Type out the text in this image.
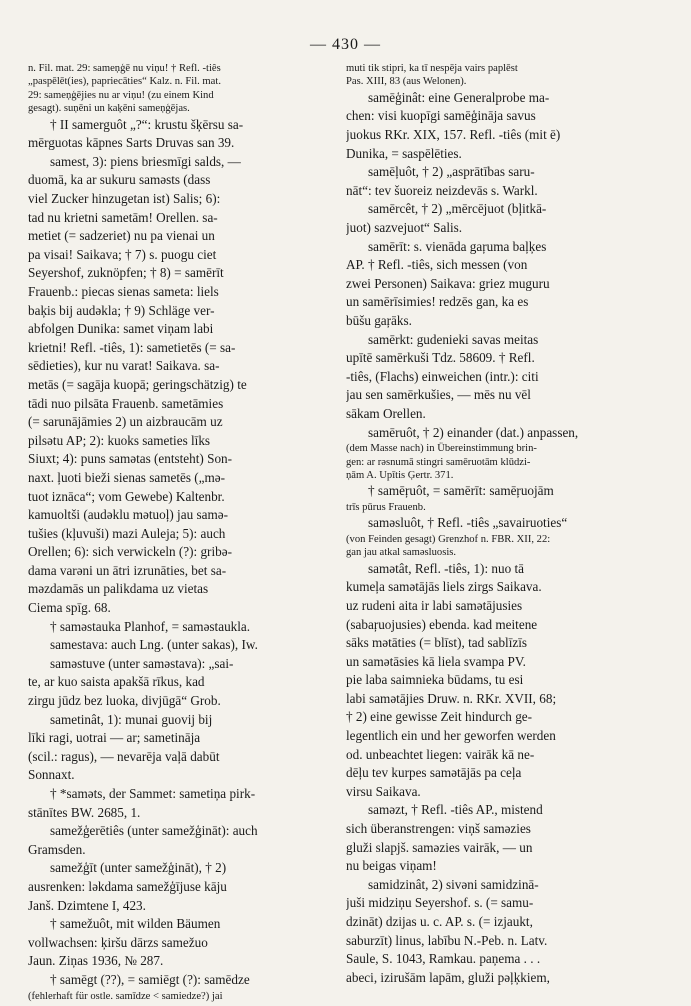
— 430 —
n. Fil. mat. 29: sameņģē nu viņu! † Refl. -tiês
„paspēlēt(ies), papriecāties“ Kalz. n. Fil. mat.
29: sameņģējies nu ar viņu! (zu einem Kind
gesagt). suņēni un kaķēni sameņģējas.
† II samerguôt „?“: krustu šķērsu sa-
mērguotas kāpnes Sarts Druvas san 39.
samest, 3): piens briesmīgi salds, —
duomā, ka ar sukuru saməsts (dass
viel Zucker hinzugetan ist) Salis; 6):
tad nu krietni sametām! Orellen. sa-
metiet (= sadzeriet) nu pa vienai un
pa visai! Saikava; † 7) s. puogu ciet
Seyershof, zuknöpfen; † 8) = samērīt
Frauenb.: piecas sienas sameta: liels
baķis bij audəkla; † 9) Schläge ver-
abfolgen Dunika: samet viņam labi
krietni! Refl. -tiês, 1): sametietēs (= sa-
sēdieties), kur nu varat! Saikava. sa-
metās (= sagāja kuopā; geringschätzig) te
tādi nuo pilsāta Frauenb. sametāmies
(= sarunājāmies 2) un aizbraucām uz
pilsətu AP; 2): kuoks sameties līks
Siuxt; 4): puns samətas (entsteht) Son-
naxt. ļuoti bieži sienas sametēs („mə-
tuot iznāca“; vom Gewebe) Kaltenbr.
kamuoltši (audəklu mətuoļ) jau samə-
tušies (kļuvuši) mazi Auleja; 5): auch
Orellen; 6): sich verwickeln (?): gribə-
dama varəni un ātri izrunāties, bet sa-
məzdamās un palikdama uz vietas
Ciema spīg. 68.
† saməstauka Planhof, = saməstaukla.
samestava: auch Lng. (unter sakas), Iw.
saməstuve (unter saməstava): „sai-
te, ar kuo saista apakšā rīkus, kad
zirgu jūdz bez luoka, divjūgā“ Grob.
sametinât, 1): munai guovij bij
līki ragi, uotrai — ar; sametināja
(scil.: ragus), — nevarēja vaļā dabūt
Sonnaxt.
† *saməts, der Sammet: sametiņa pirk-
stānītes BW. 2685, 1.
samežģerētiês (unter samežģināt): auch
Gramsden.
samežģīt (unter samežģināt), † 2)
ausrenken: ləkdama samežģījuse kāju
Janš. Dzimtene I, 423.
† samežuôt, mit wilden Bäumen
vollwachsen: ķiršu dārzs samežuo
Jaun. Ziņas 1936, № 287.
† samēgt (??), = samiēgt (?): samēdze
(fehlerhaft für ostle. samīdze < samiedze?) jai
muti tik stipri, ka tī nespēja vairs paplēst
Pas. XIII, 83 (aus Welonen).
samēģinât: eine Generalprobe ma-
chen: visi kuopīgi samēģināja savus
juokus RKr. XIX, 157. Refl. -tiês (mit ē)
Dunika, = saspēlēties.
samēļuôt, † 2) „asprātības saru-
nāt“: tev šuoreiz neizdevās s. Warkl.
samērcêt, † 2) „mērcējuot (bļitkā-
juot) sazvejuot“ Salis.
samērīt: s. vienāda gaŗuma baļķes
AP. † Refl. -tiês, sich messen (von
zwei Personen) Saikava: griez muguru
un samērīsimies! redzēs gan, ka es
būšu gaŗāks.
samērkt: gudenieki savas meitas
upītē samērkuši Tdz. 58609. † Refl.
-tiês, (Flachs) einweichen (intr.): citi
jau sen samērkušies, — mēs nu vēl
sākam Orellen.
samēruôt, † 2) einander (dat.) anpassen,
(dem Masse nach) in Übereinstimmung brin-
gen: ar rəsnumā stingri samēruotām klūdzi-
ņām A. Upītis Ģertr. 371.
† samēŗuôt, = samērīt: samēŗuojām
trīs pūrus Frauenb.
saməsluôt, † Refl. -tiês „savairuoties“
(von Feinden gesagt) Grenzhof n. FBR. XII, 22:
gan jau atkal saməsluosis.
samətât, Refl. -tiês, 1): nuo tā
kumeļa samətājās liels zirgs Saikava.
uz rudeni aita ir labi samətājusies
(sabaŗuojusies) ebenda. kad meitene
sāks mətāties (= blīst), tad sablīzīs
un samətāsies kā liela svampa PV.
pie laba saimnieka būdams, tu esi
labi samətājies Druw. n. RKr. XVII, 68;
† 2) eine gewisse Zeit hindurch ge-
legentlich ein und her geworfen werden
od. unbeachtet liegen: vairāk kā ne-
dēļu tev kurpes samətājās pa ceļa
virsu Saikava.
saməzt, † Refl. -tiês AP., mistend
sich überanstrengen: viņš saməzies
gluži slapjš. saməzies vairāk, — un
nu beigas viņam!
samidzinât, 2) sivəni samidzinā-
juši midziņu Seyershof. s. (= samu-
dzināt) dzijas u. c. AP. s. (= izjaukt,
saburzīt) linus, labību N.-Peb. n. Latv.
Saule, S. 1043, Ramkau. paņema . . .
abeci, izirušām lapām, gluži pəļķkiem,
